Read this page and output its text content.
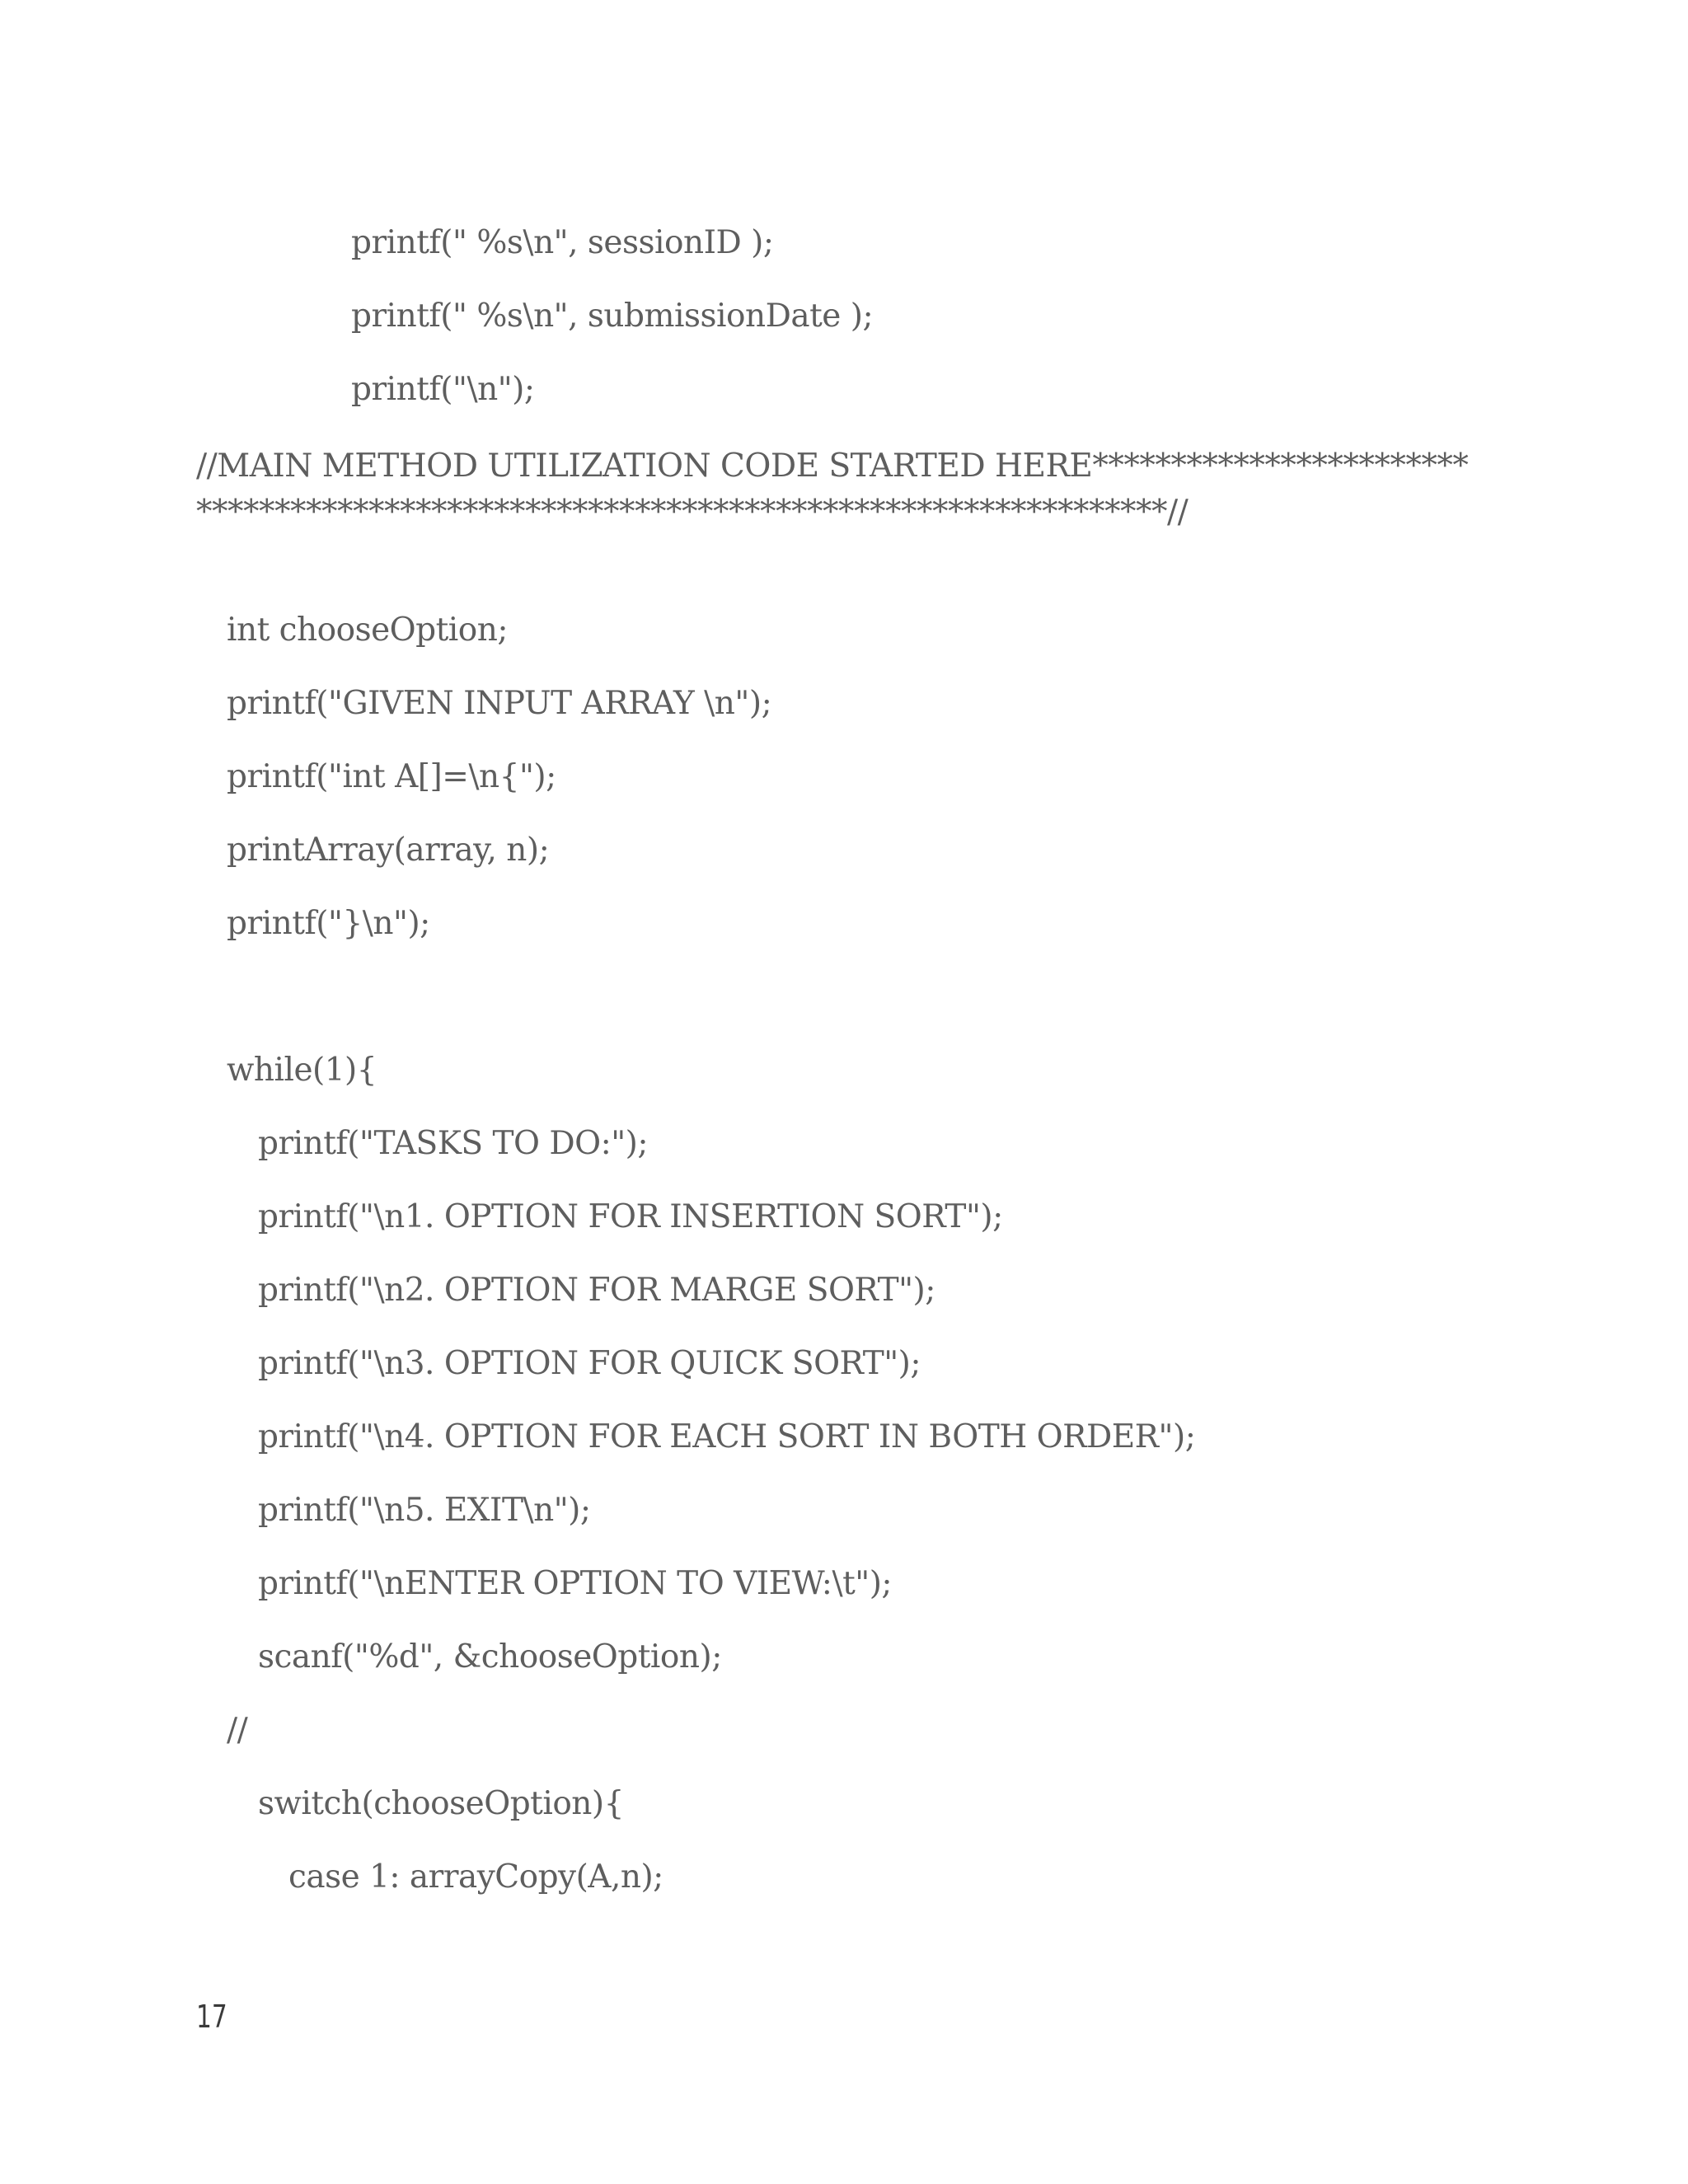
printf(" %s\n", sessionID );
printf(" %s\n", submissionDate );
printf("\n");
//MAIN METHOD UTILIZATION CODE STARTED HERE**************************************************************************************//
int chooseOption;
printf("GIVEN INPUT ARRAY \n");
printf("int A[]=\n{");
printArray(array, n);
printf("}\n");
while(1){
printf("TASKS TO DO:");
printf("\n1. OPTION FOR INSERTION SORT");
printf("\n2. OPTION FOR MARGE SORT");
printf("\n3. OPTION FOR QUICK SORT");
printf("\n4. OPTION FOR EACH SORT IN BOTH ORDER");
printf("\n5. EXIT\n");
printf("\nENTER OPTION TO VIEW:\t");
scanf("%d", &chooseOption);
//
switch(chooseOption){
case 1: arrayCopy(A,n);
17
